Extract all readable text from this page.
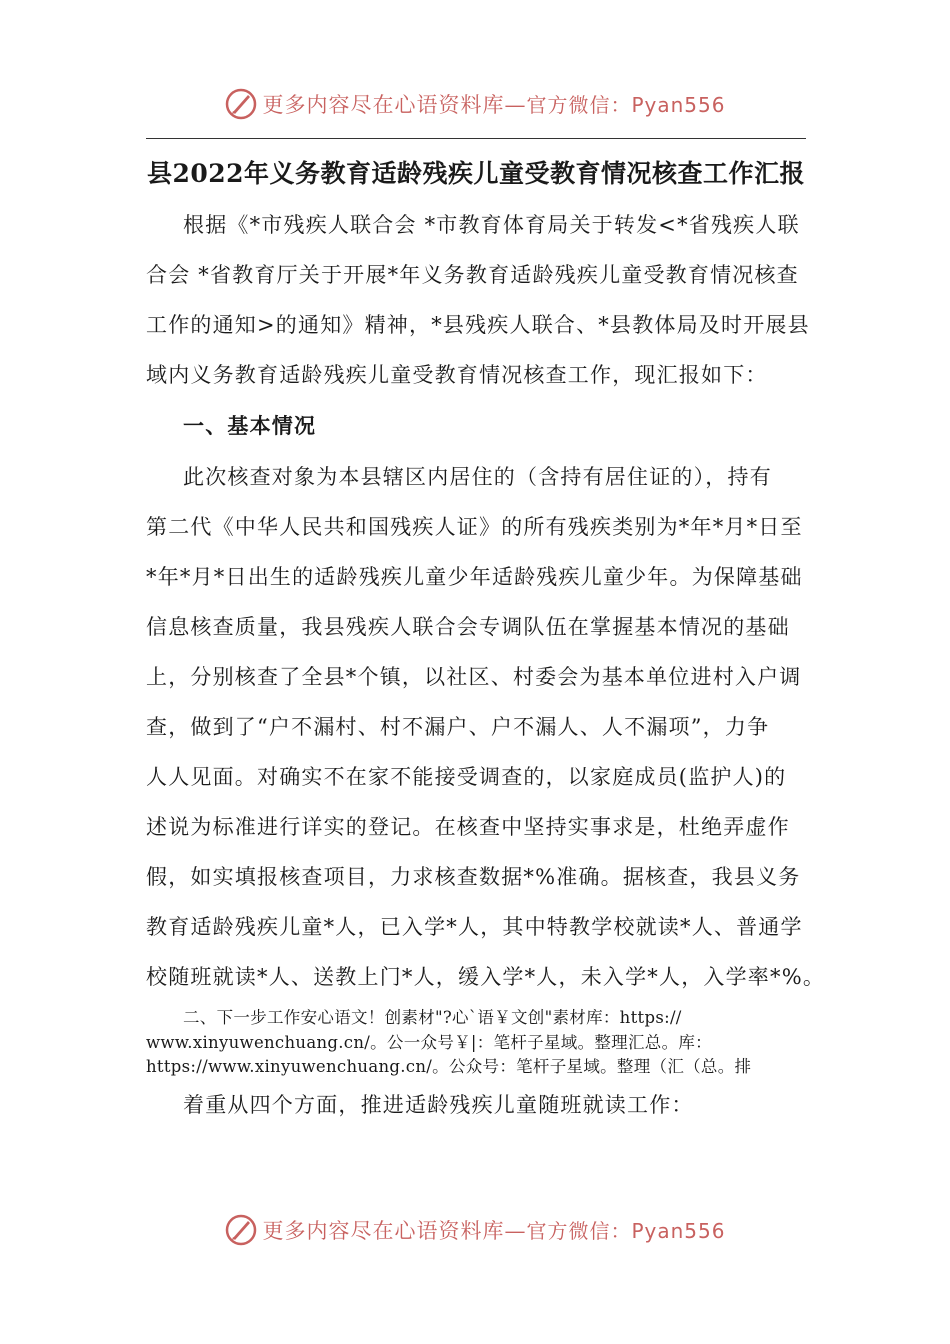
更多内容尽在心语资料库—官方微信：Pyan556
县2022年义务教育适龄残疾儿童受教育情况核查工作汇报
根据《*市残疾人联合会 *市教育体育局关于转发<*省残疾人联
合会 *省教育厅关于开展*年义务教育适龄残疾儿童受教育情况核查
工作的通知>的通知》精神，*县残疾人联合、*县教体局及时开展县
域内义务教育适龄残疾儿童受教育情况核查工作，现汇报如下：
一、基本情况
此次核查对象为本县辖区内居住的（含持有居住证的），持有
第二代《中华人民共和国残疾人证》的所有残疾类别为*年*月*日至
*年*月*日出生的适龄残疾儿童少年适龄残疾儿童少年。为保障基础
信息核查质量，我县残疾人联合会专调队伍在掌握基本情况的基础
上，分别核查了全县*个镇，以社区、村委会为基本单位进村入户调
查，做到了“户不漏村、村不漏户、户不漏人、人不漏项”，力争
人人见面。对确实不在家不能接受调查的，以家庭成员(监护人)的
述说为标准进行详实的登记。在核查中坚持实事求是，杜绝弄虚作
假，如实填报核查项目，力求核查数据*%准确。据核查，我县义务
教育适龄残疾儿童*人，已入学*人，其中特教学校就读*人、普通学
校随班就读*人、送教上门*人，缓入学*人，未入学*人，入学率*%。
二、下一步工作安心语文！创素材"?心`语￥文创"素材库：https://
www.xinyuwenchuang.cn/。公一众号￥|：笔杆子星域。整理汇总。库：
https://www.xinyuwenchuang.cn/。公众号：笔杆子星域。整理（汇（总。排
着重从四个方面，推进适龄残疾儿童随班就读工作：
更多内容尽在心语资料库—官方微信：Pyan556
